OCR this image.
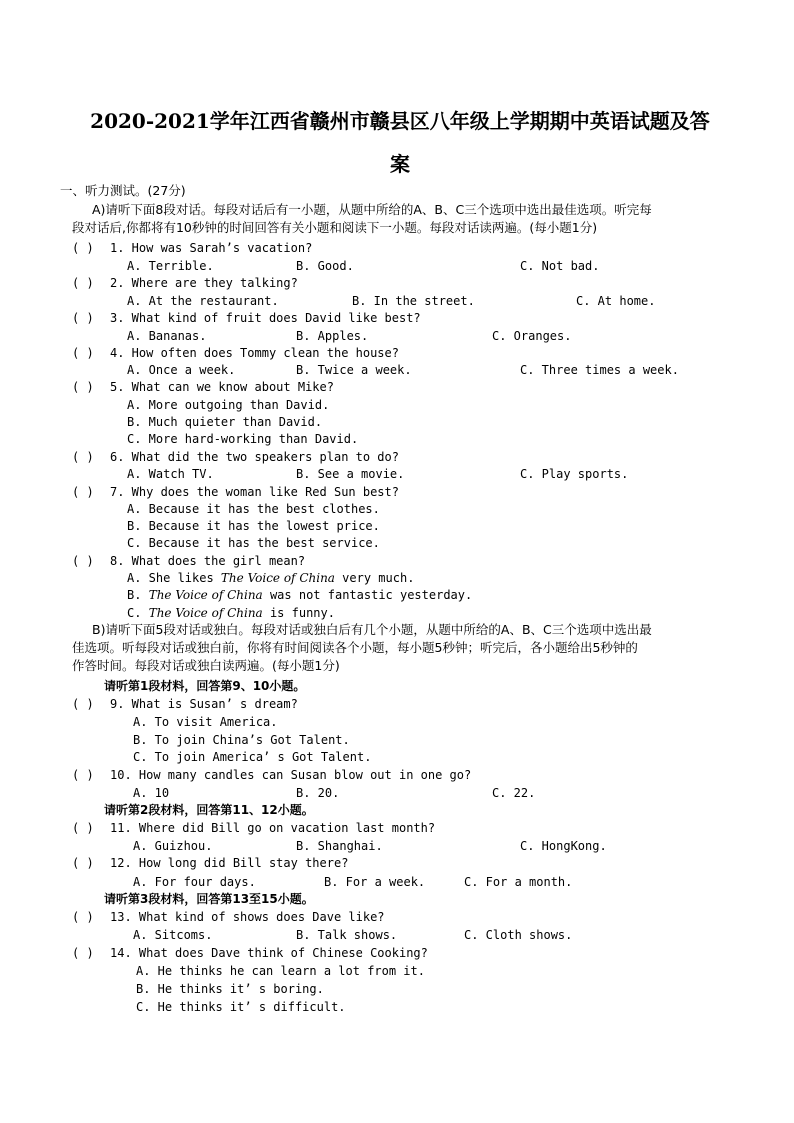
2020-2021学年江西省赣州市赣县区八年级上学期期中英语试题及答
案
一、听力测试。(27分)
A)请听下面8段对话。每段对话后有一小题，从题中所给的A、B、C三个选项中选出最佳选项。听完每
段对话后,你都将有10秒钟的时间回答有关小题和阅读下一小题。每段对话读两遍。(每小题1分)
( ) 1. How was Sarah’s vacation?
A. Terrible.	B. Good.	C. Not bad.
( ) 2. Where are they talking?
A. At the restaurant.	B. In the street.	C. At home.
( ) 3. What kind of fruit does David like best?
A. Bananas.	B. Apples.	C. Oranges.
( ) 4. How often does Tommy clean the house?
A. Once a week.	B. Twice a week.	C. Three times a week.
( ) 5. What can we know about Mike?
A. More outgoing than David.
B. Much quieter than David.
C. More hard-working than David.
( ) 6. What did the two speakers plan to do?
A. Watch TV.	B. See a movie.	C. Play sports.
( ) 7. Why does the woman like Red Sun best?
A. Because it has the best clothes.
B. Because it has the lowest price.
C. Because it has the best service.
( ) 8. What does the girl mean?
A. She likes The Voice of China very much.
B. The Voice of China was not fantastic yesterday.
C. The Voice of China is funny.
B)请听下面5段对话或独白。每段对话或独白后有几个小题，从题中所给的A、B、C三个选项中选出最
佳选项。听每段对话或独白前，你将有时间阅读各个小题，每小题5秒钟；听完后，各小题给出5秒钟的
作答时间。每段对话或独白读两遍。(每小题1分)
请听第1段材料，回答第9、10小题。
( ) 9. What is Susan’ s dream?
A. To visit America.
B. To join China’s Got Talent.
C. To join America’ s Got Talent.
( ) 10. How many candles can Susan blow out in one go?
A. 10	B. 20.	C. 22.
请听第2段材料，回答第11、12小题。
( ) 11. Where did Bill go on vacation last month?
A. Guizhou.	B. Shanghai.	C. HongKong.
( ) 12. How long did Bill stay there?
A. For four days.	B. For a week.	C. For a month.
请听第3段材料，回答第13至15小题。
( ) 13. What kind of shows does Dave like?
A. Sitcoms.	B. Talk shows.	C. Cloth shows.
( ) 14. What does Dave think of Chinese Cooking?
A. He thinks he can learn a lot from it.
B. He thinks it’ s boring.
C. He thinks it’ s difficult.
